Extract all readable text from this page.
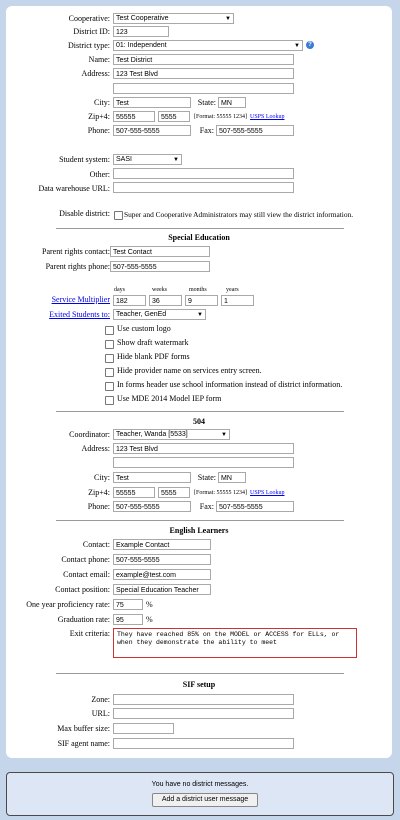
Cooperative: Test Cooperative	▼
District ID: 123
District type: 01: Independent	▼	?
Name: Test District
Address: 123 Test Blvd
City: Test	State: MN
Zip+4: 55555	5555	[Format: 55555 1234] USPS Lookup
Phone: 507-555-5555	Fax: 507-555-5555
Student system: SASI	▼
Other:
Data warehouse URL:
Disable district: Super and Cooperative Administrators may still view the district information.
Special Education
Parent rights contact: Test Contact
Parent rights phone: 507-555-5555
days	weeks	months	years
Service Multiplier 182	36	9	1
Exited Students to: Teacher, GenEd	▼
Use custom logo
Show draft watermark
Hide blank PDF forms
Hide provider name on services entry screen.
In forms header use school information instead of district information.
Use MDE 2014 Model IEP form
504
Coordinator: Teacher, Wanda [5533]	▼
Address: 123 Test Blvd
City: Test	State: MN
Zip+4: 55555	5555	[Format: 55555 1234] USPS Lookup
Phone: 507-555-5555	Fax: 507-555-5555
English Learners
Contact: Example Contact
Contact phone: 507-555-5555
Contact email: example@test.com
Contact position: Special Education Teacher
One year proficiency rate: 75	%
Graduation rate: 95	%
Exit criteria:	They have reached 85% on the MODEL or ACCESS for ELLs, or when they demonstrate the ability to meet
SIF setup
Zone:
URL:
Max buffer size:
SIF agent name:
You have no district messages.
Add a district user message
